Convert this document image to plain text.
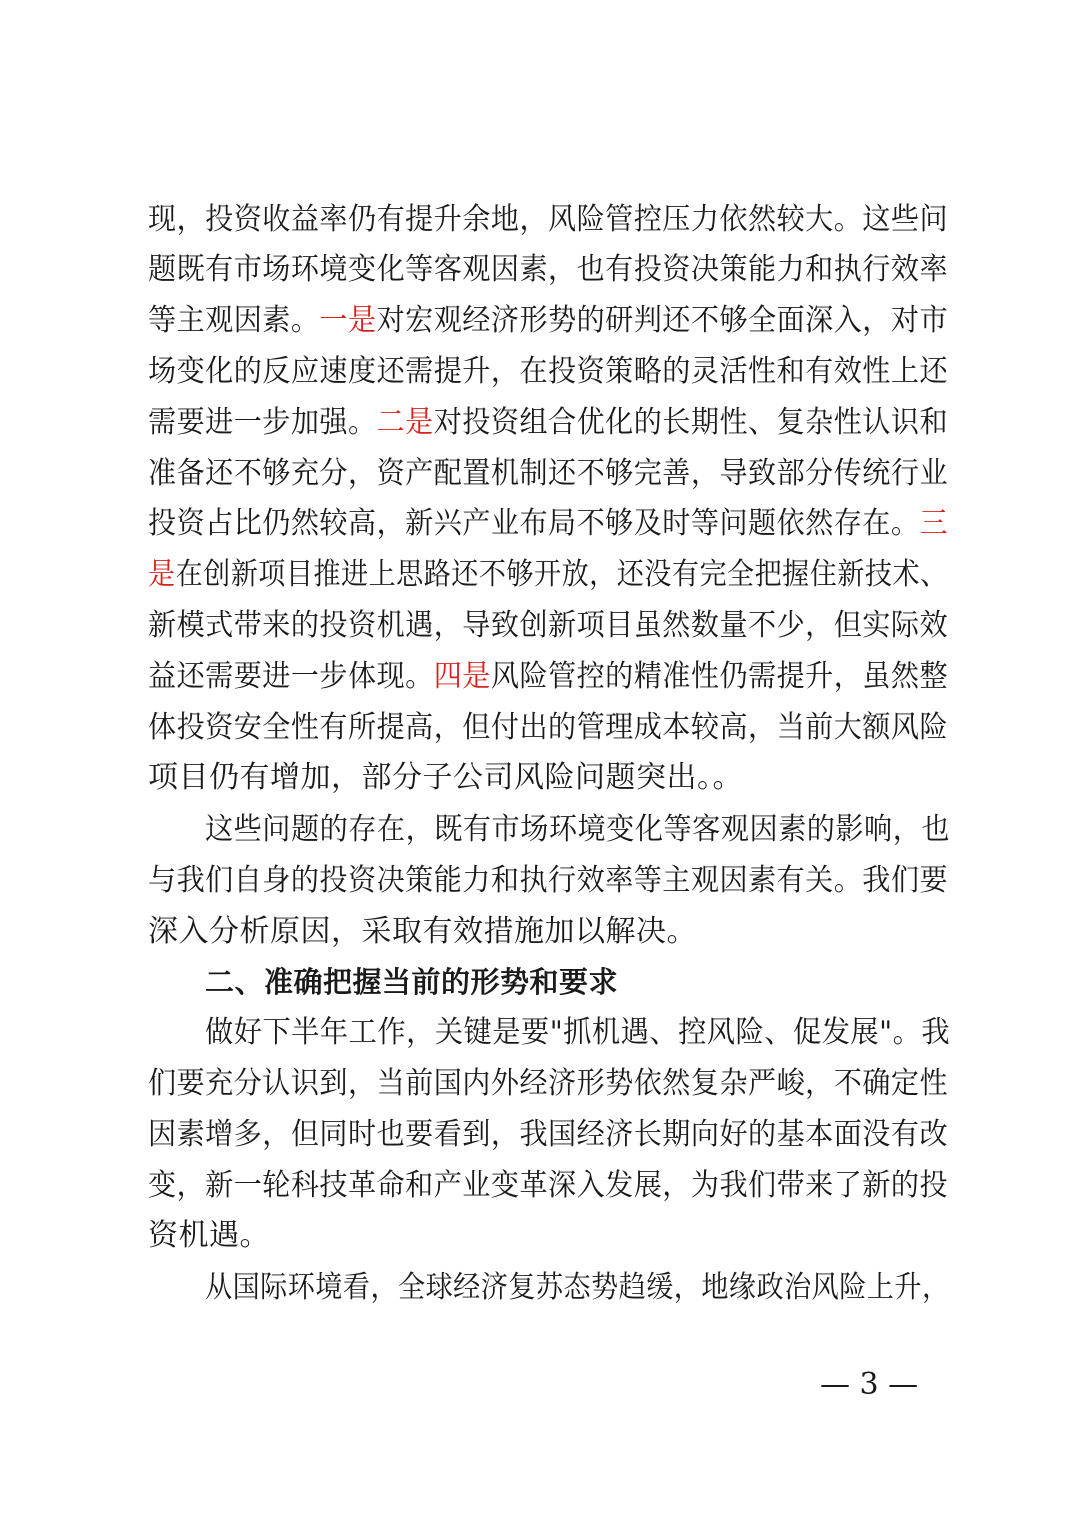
现，投资收益率仍有提升余地，风险管控压力依然较大。这些问
题既有市场环境变化等客观因素，也有投资决策能力和执行效率
等主观因素。一是对宏观经济形势的研判还不够全面深入，对市
场变化的反应速度还需提升，在投资策略的灵活性和有效性上还
需要进一步加强。二是对投资组合优化的长期性、复杂性认识和
准备还不够充分，资产配置机制还不够完善，导致部分传统行业
投资占比仍然较高，新兴产业布局不够及时等问题依然存在。三
是在创新项目推进上思路还不够开放，还没有完全把握住新技术、
新模式带来的投资机遇，导致创新项目虽然数量不少，但实际效
益还需要进一步体现。四是风险管控的精准性仍需提升，虽然整
体投资安全性有所提高，但付出的管理成本较高，当前大额风险
项目仍有增加，部分子公司风险问题突出。。
这些问题的存在，既有市场环境变化等客观因素的影响，也
与我们自身的投资决策能力和执行效率等主观因素有关。我们要
深入分析原因，采取有效措施加以解决。
二、准确把握当前的形势和要求
做好下半年工作，关键是要"抓机遇、控风险、促发展"。我
们要充分认识到，当前国内外经济形势依然复杂严峻，不确定性
因素增多，但同时也要看到，我国经济长期向好的基本面没有改
变，新一轮科技革命和产业变革深入发展，为我们带来了新的投
资机遇。
从国际环境看，全球经济复苏态势趋缓，地缘政治风险上升，
— 3 —
